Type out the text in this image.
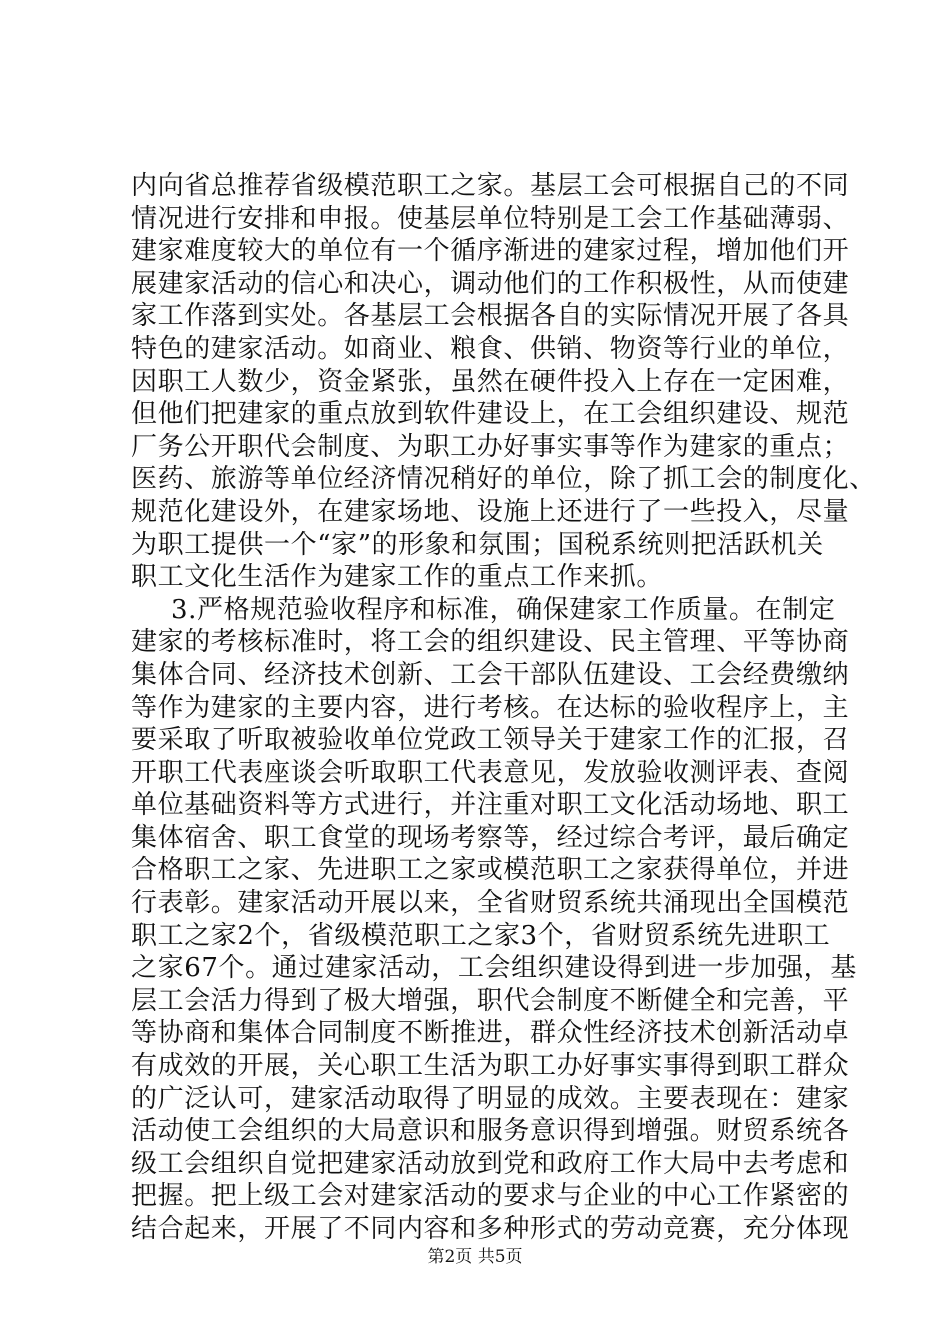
内向省总推荐省级模范职工之家。基层工会可根据自己的不同
情况进行安排和申报。使基层单位特别是工会工作基础薄弱、
建家难度较大的单位有一个循序渐进的建家过程，增加他们开
展建家活动的信心和决心，调动他们的工作积极性，从而使建
家工作落到实处。各基层工会根据各自的实际情况开展了各具
特色的建家活动。如商业、粮食、供销、物资等行业的单位，
因职工人数少，资金紧张，虽然在硬件投入上存在一定困难，
但他们把建家的重点放到软件建设上，在工会组织建设、规范
厂务公开职代会制度、为职工办好事实事等作为建家的重点；
医药、旅游等单位经济情况稍好的单位，除了抓工会的制度化、
规范化建设外，在建家场地、设施上还进行了一些投入，尽量
为职工提供一个“家”的形象和氛围；国税系统则把活跃机关
职工文化生活作为建家工作的重点工作来抓。
3.严格规范验收程序和标准，确保建家工作质量。在制定
建家的考核标准时，将工会的组织建设、民主管理、平等协商
集体合同、经济技术创新、工会干部队伍建设、工会经费缴纳
等作为建家的主要内容，进行考核。在达标的验收程序上，主
要采取了听取被验收单位党政工领导关于建家工作的汇报，召
开职工代表座谈会听取职工代表意见，发放验收测评表、查阅
单位基础资料等方式进行，并注重对职工文化活动场地、职工
集体宿舍、职工食堂的现场考察等，经过综合考评，最后确定
合格职工之家、先进职工之家或模范职工之家获得单位，并进
行表彰。建家活动开展以来，全省财贸系统共涌现出全国模范
职工之家2个，省级模范职工之家3个，省财贸系统先进职工
之家67个。通过建家活动，工会组织建设得到进一步加强，基
层工会活力得到了极大增强，职代会制度不断健全和完善，平
等协商和集体合同制度不断推进，群众性经济技术创新活动卓
有成效的开展，关心职工生活为职工办好事实事得到职工群众
的广泛认可，建家活动取得了明显的成效。主要表现在：建家
活动使工会组织的大局意识和服务意识得到增强。财贸系统各
级工会组织自觉把建家活动放到党和政府工作大局中去考虑和
把握。把上级工会对建家活动的要求与企业的中心工作紧密的
结合起来，开展了不同内容和多种形式的劳动竞赛，充分体现
第2页 共5页
